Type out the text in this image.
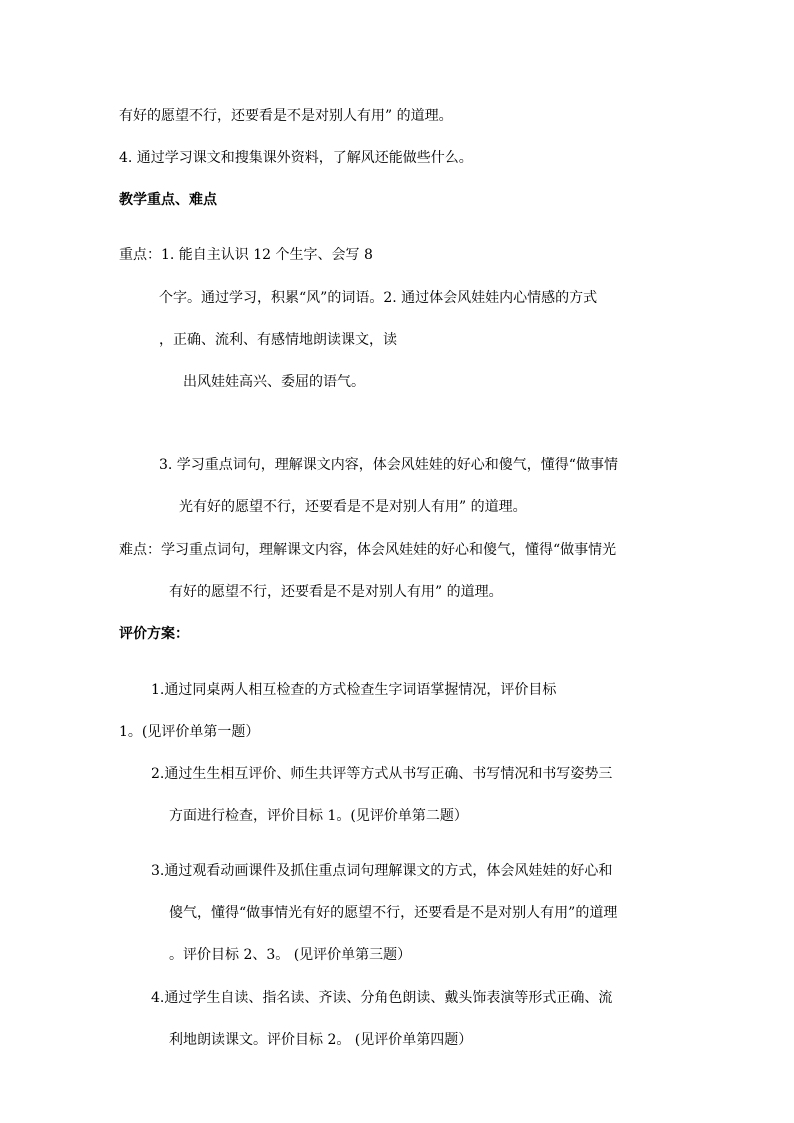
有好的愿望不行，还要看是不是对别人有用” 的道理。

4. 通过学习课文和搜集课外资料，了解风还能做些什么。

教学重点、难点

重点：1. 能自主认识 12 个生字、会写 8

个字。通过学习，积累“风”的词语。2. 通过体会风娃娃内心情感的方式

，正确、流利、有感情地朗读课文，读

出风娃娃高兴、委屈的语气。

3. 学习重点词句，理解课文内容，体会风娃娃的好心和傻气，懂得“做事情

光有好的愿望不行，还要看是不是对别人有用” 的道理。

难点：学习重点词句，理解课文内容，体会风娃娃的好心和傻气，懂得“做事情光

有好的愿望不行，还要看是不是对别人有用” 的道理。

评价方案：

1.通过同桌两人相互检查的方式检查生字词语掌握情况，评价目标

1。(见评价单第一题）

2.通过生生相互评价、师生共评等方式从书写正确、书写情况和书写姿势三

方面进行检查，评价目标 1。(见评价单第二题）

3.通过观看动画课件及抓住重点词句理解课文的方式，体会风娃娃的好心和

傻气，懂得“做事情光有好的愿望不行，还要看是不是对别人有用”的道理

。评价目标 2、3。 (见评价单第三题）

4.通过学生自读、指名读、齐读、分角色朗读、戴头饰表演等形式正确、流

利地朗读课文。评价目标 2。 (见评价单第四题）
